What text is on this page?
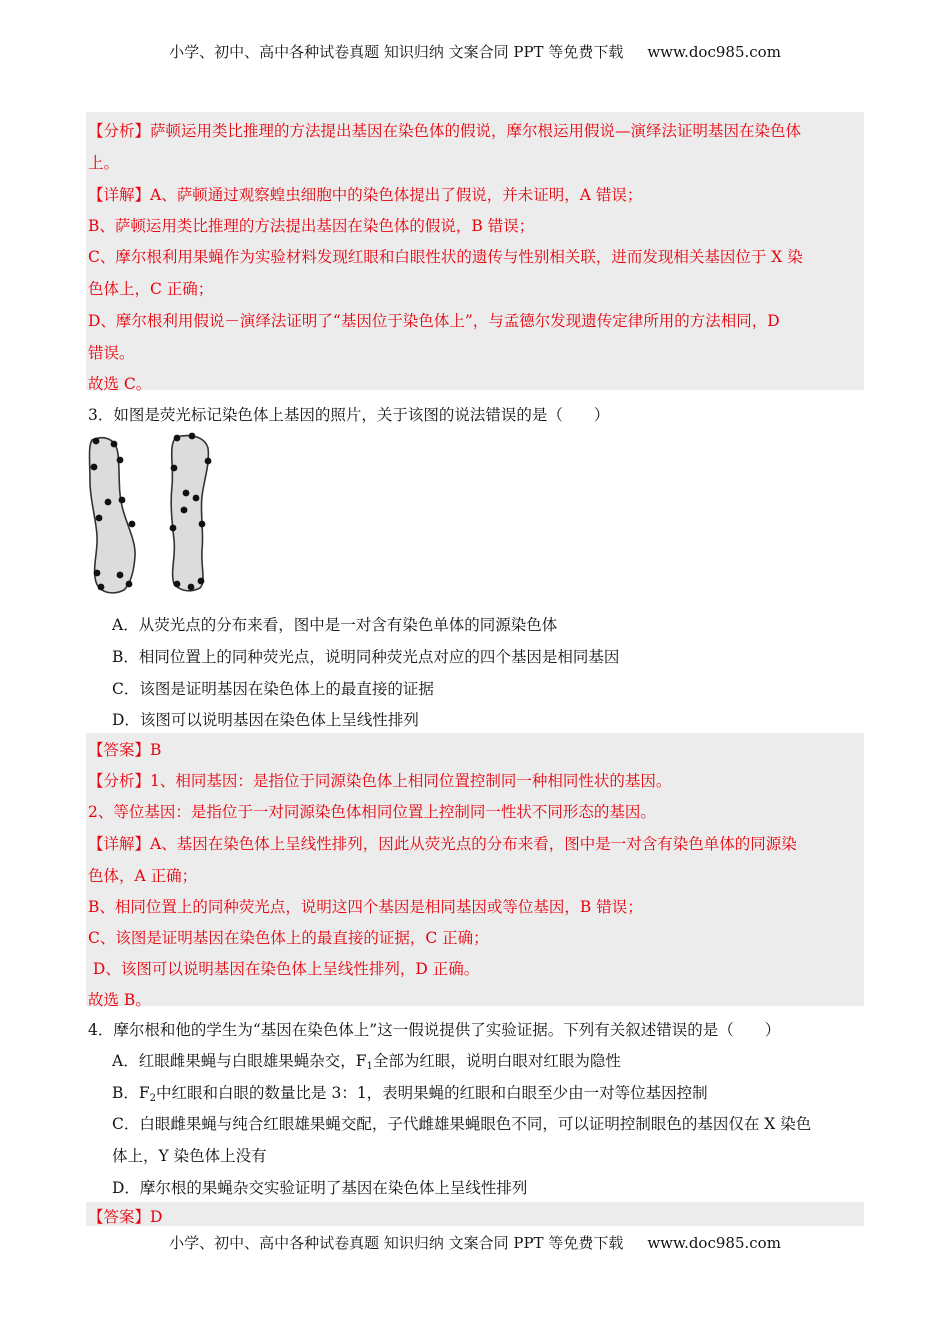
小学、初中、高中各种试卷真题 知识归纳 文案合同 PPT 等免费下载 www.doc985.com
【分析】萨顿运用类比推理的方法提出基因在染色体的假说，摩尔根运用假说—演绎法证明基因在染色体
上。
【详解】A、萨顿通过观察蝗虫细胞中的染色体提出了假说，并未证明，A 错误；
B、萨顿运用类比推理的方法提出基因在染色体的假说，B 错误；
C、摩尔根利用果蝇作为实验材料发现红眼和白眼性状的遗传与性别相关联，进而发现相关基因位于 X 染
色体上，C 正确；
D、摩尔根利用假说－演绎法证明了“基因位于染色体上”，与孟德尔发现遗传定律所用的方法相同，D
错误。
故选 C。
3．如图是荧光标记染色体上基因的照片，关于该图的说法错误的是（　　）
A．从荧光点的分布来看，图中是一对含有染色单体的同源染色体
B．相同位置上的同种荧光点，说明同种荧光点对应的四个基因是相同基因
C．该图是证明基因在染色体上的最直接的证据
D．该图可以说明基因在染色体上呈线性排列
【答案】B
【分析】1、相同基因：是指位于同源染色体上相同位置控制同一种相同性状的基因。
2、等位基因：是指位于一对同源染色体相同位置上控制同一性状不同形态的基因。
【详解】A、基因在染色体上呈线性排列，因此从荧光点的分布来看，图中是一对含有染色单体的同源染
色体，A 正确；
B、相同位置上的同种荧光点，说明这四个基因是相同基因或等位基因，B 错误；
C、该图是证明基因在染色体上的最直接的证据，C 正确；
D、该图可以说明基因在染色体上呈线性排列，D 正确。
故选 B。
4．摩尔根和他的学生为“基因在染色体上”这一假说提供了实验证据。下列有关叙述错误的是（　　）
A．红眼雌果蝇与白眼雄果蝇杂交，$F_1$全部为红眼，说明白眼对红眼为隐性
B．$F_2$中红眼和白眼的数量比是 3：1，表明果蝇的红眼和白眼至少由一对等位基因控制
C．白眼雌果蝇与纯合红眼雄果蝇交配，子代雌雄果蝇眼色不同，可以证明控制眼色的基因仅在 X 染色
体上，Y 染色体上没有
D．摩尔根的果蝇杂交实验证明了基因在染色体上呈线性排列
【答案】D
小学、初中、高中各种试卷真题 知识归纳 文案合同 PPT 等免费下载 www.doc985.com
